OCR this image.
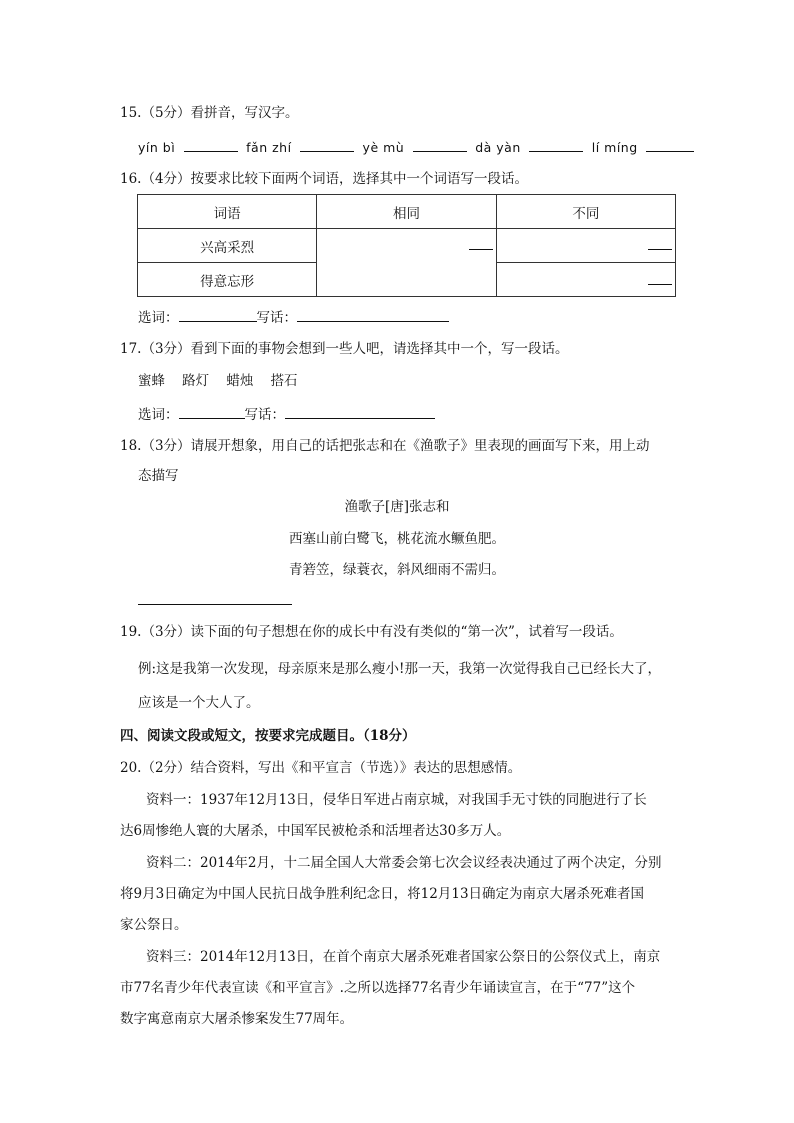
15.（5分）看拼音，写汉字。
yín bì	fǎn zhí	yè mù	dà yàn	lí míng
16.（4分）按要求比较下面两个词语，选择其中一个词语写一段话。
词语	相同	不同
兴高采烈	

得意忘形		
选词：	写话：
17.（3分）看到下面的事物会想到一些人吧，请选择其中一个，写一段话。
蜜蜂 路灯 蜡烛 搭石
选词：	写话：
18.（3分）请展开想象，用自己的话把张志和在《渔歌子》里表现的画面写下来，用上动
态描写
渔歌子[唐]张志和
西塞山前白鹭飞，桃花流水鳜鱼肥。
青箬笠，绿蓑衣，斜风细雨不需归。
19.（3分）读下面的句子想想在你的成长中有没有类似的“第一次”，试着写一段话。
例:这是我第一次发现，母亲原来是那么瘦小!那一天，我第一次觉得我自己已经长大了，
应该是一个大人了。
四、阅读文段或短文，按要求完成题目。（18分）
20.（2分）结合资料，写出《和平宣言（节选）》表达的思想感情。
资料一：1937年12月13日，侵华日军进占南京城，对我国手无寸铁的同胞进行了长
达6周惨绝人寰的大屠杀，中国军民被枪杀和活埋者达30多万人。
资料二：2014年2月，十二届全国人大常委会第七次会议经表决通过了两个决定，分别
将9月3日确定为中国人民抗日战争胜利纪念日，将12月13日确定为南京大屠杀死难者国
家公祭日。
资料三：2014年12月13日，在首个南京大屠杀死难者国家公祭日的公祭仪式上，南京
市77名青少年代表宣读《和平宣言》.之所以选择77名青少年诵读宣言，在于“77”这个
数字寓意南京大屠杀惨案发生77周年。
